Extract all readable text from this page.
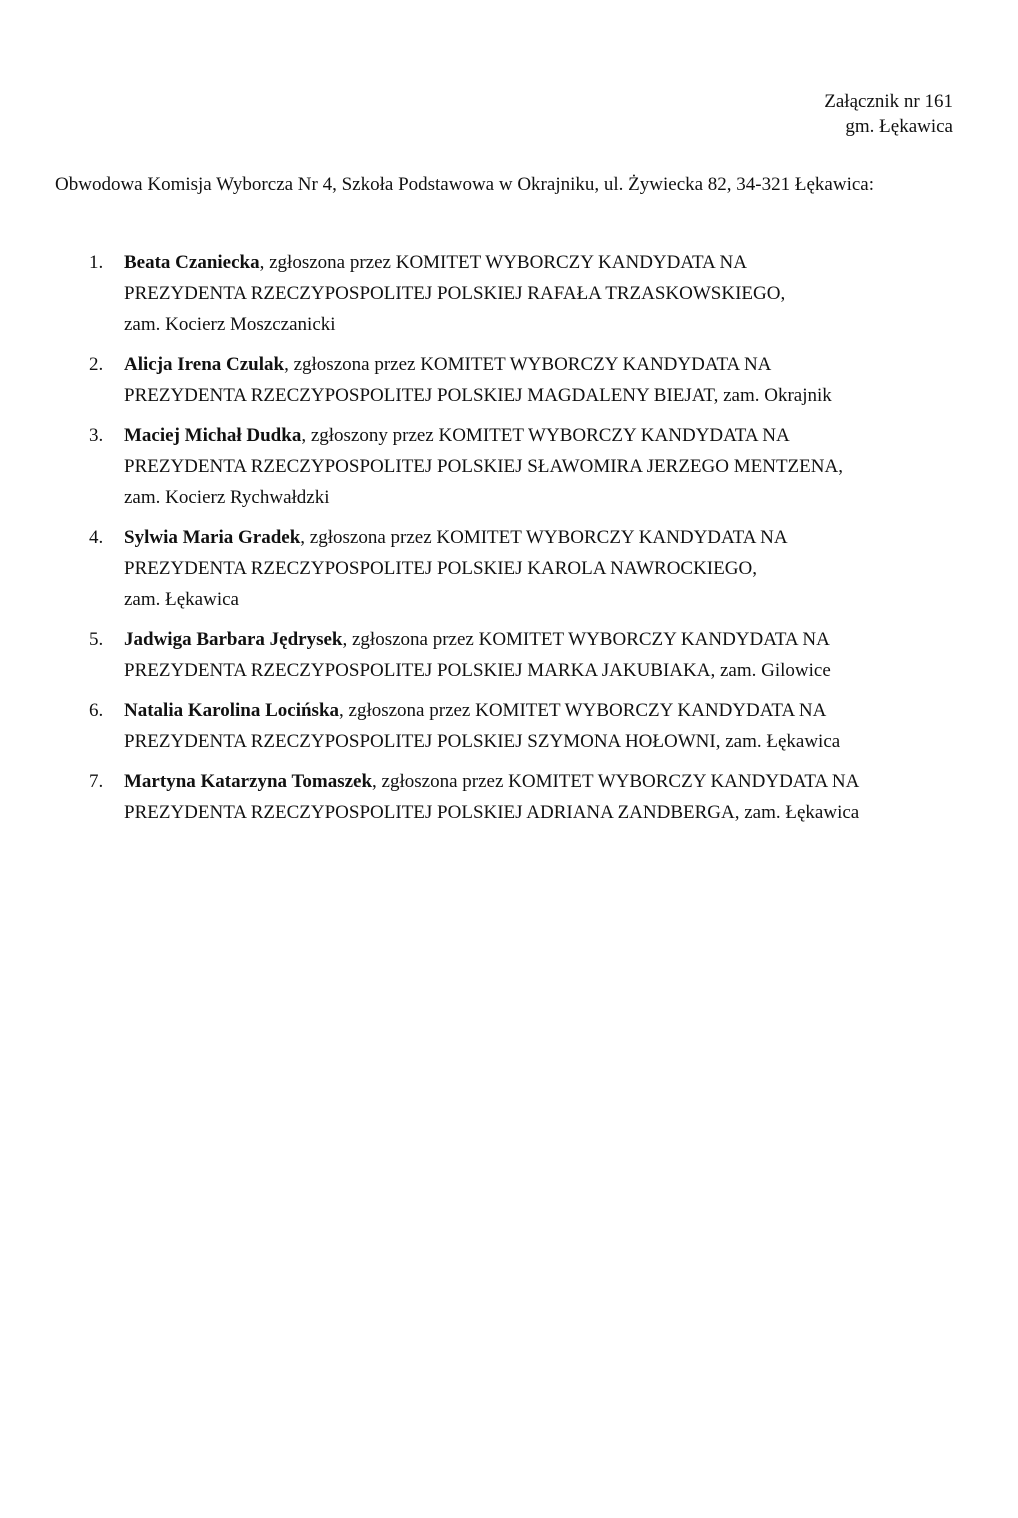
Załącznik nr 161
gm. Łękawica
Obwodowa Komisja Wyborcza Nr 4, Szkoła Podstawowa w Okrajniku, ul. Żywiecka 82, 34-321 Łękawica:
1. Beata Czaniecka, zgłoszona przez KOMITET WYBORCZY KANDYDATA NA
PREZYDENTA RZECZYPOSPOLITEJ POLSKIEJ RAFAŁA TRZASKOWSKIEGO,
zam. Kocierz Moszczanicki
2. Alicja Irena Czulak, zgłoszona przez KOMITET WYBORCZY KANDYDATA NA
PREZYDENTA RZECZYPOSPOLITEJ POLSKIEJ MAGDALENY BIEJAT, zam. Okrajnik
3. Maciej Michał Dudka, zgłoszony przez KOMITET WYBORCZY KANDYDATA NA
PREZYDENTA RZECZYPOSPOLITEJ POLSKIEJ SŁAWOMIRA JERZEGO MENTZENA,
zam. Kocierz Rychwałdzki
4. Sylwia Maria Gradek, zgłoszona przez KOMITET WYBORCZY KANDYDATA NA
PREZYDENTA RZECZYPOSPOLITEJ POLSKIEJ KAROLA NAWROCKIEGO,
zam. Łękawica
5. Jadwiga Barbara Jędrysek, zgłoszona przez KOMITET WYBORCZY KANDYDATA NA
PREZYDENTA RZECZYPOSPOLITEJ POLSKIEJ MARKA JAKUBIAKA, zam. Gilowice
6. Natalia Karolina Locińska, zgłoszona przez KOMITET WYBORCZY KANDYDATA NA
PREZYDENTA RZECZYPOSPOLITEJ POLSKIEJ SZYMONA HOŁOWNI, zam. Łękawica
7. Martyna Katarzyna Tomaszek, zgłoszona przez KOMITET WYBORCZY KANDYDATA NA
PREZYDENTA RZECZYPOSPOLITEJ POLSKIEJ ADRIANA ZANDBERGA, zam. Łękawica
